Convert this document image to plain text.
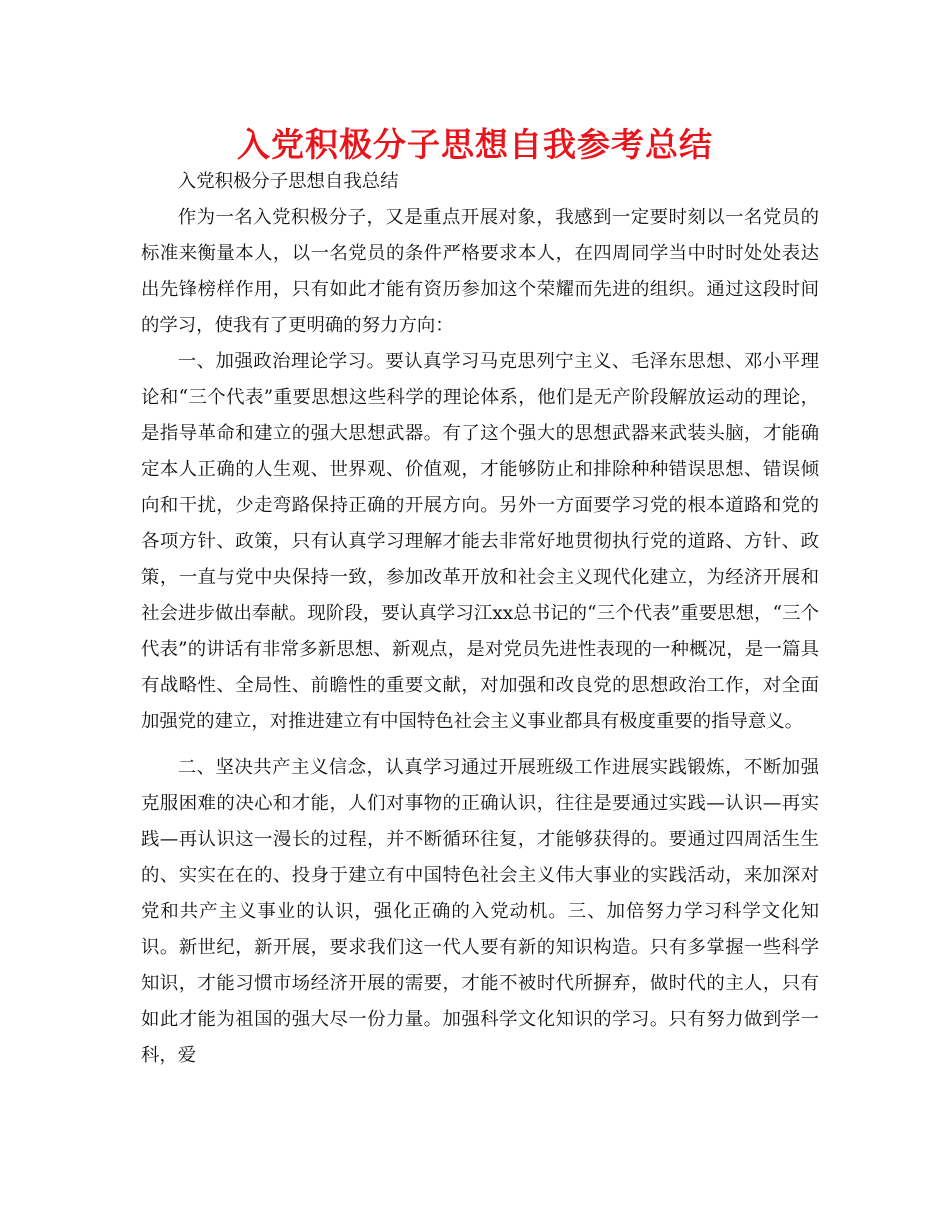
入党积极分子思想自我参考总结

入党积极分子思想自我总结

作为一名入党积极分子，又是重点开展对象，我感到一定要时刻以一名党员的标准来衡量本人，以一名党员的条件严格要求本人，在四周同学当中时时处处表达出先锋榜样作用，只有如此才能有资历参加这个荣耀而先进的组织。通过这段时间的学习，使我有了更明确的努力方向：

一、加强政治理论学习。要认真学习马克思列宁主义、毛泽东思想、邓小平理论和“三个代表”重要思想这些科学的理论体系，他们是无产阶段解放运动的理论，是指导革命和建立的强大思想武器。有了这个强大的思想武器来武装头脑，才能确定本人正确的人生观、世界观、价值观，才能够防止和排除种种错误思想、错误倾向和干扰，少走弯路保持正确的开展方向。另外一方面要学习党的根本道路和党的各项方针、政策，只有认真学习理解才能去非常好地贯彻执行党的道路、方针、政策，一直与党中央保持一致，参加改革开放和社会主义现代化建立，为经济开展和社会进步做出奉献。现阶段，要认真学习江xx总书记的“三个代表”重要思想，“三个代表”的讲话有非常多新思想、新观点，是对党员先进性表现的一种概况，是一篇具有战略性、全局性、前瞻性的重要文献，对加强和改良党的思想政治工作，对全面加强党的建立，对推进建立有中国特色社会主义事业都具有极度重要的指导意义。

二、坚决共产主义信念，认真学习通过开展班级工作进展实践锻炼，不断加强克服困难的决心和才能，人们对事物的正确认识，往往是要通过实践—认识—再实践—再认识这一漫长的过程，并不断循环往复，才能够获得的。要通过四周活生生的、实实在在的、投身于建立有中国特色社会主义伟大事业的实践活动，来加深对党和共产主义事业的认识，强化正确的入党动机。三、加倍努力学习科学文化知识。新世纪，新开展，要求我们这一代人要有新的知识构造。只有多掌握一些科学知识，才能习惯市场经济开展的需要，才能不被时代所摒弃，做时代的主人，只有如此才能为祖国的强大尽一份力量。加强科学文化知识的学习。只有努力做到学一科，爱
